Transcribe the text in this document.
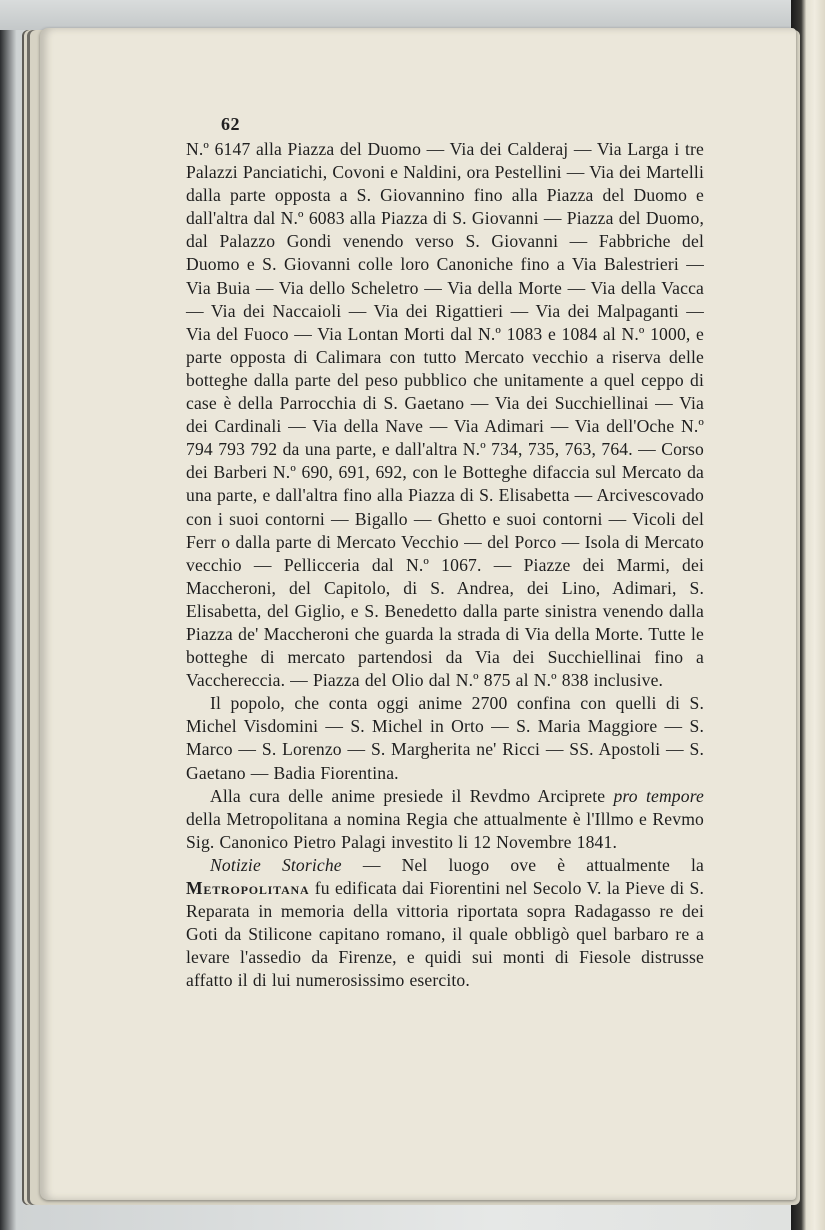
62

N.º 6147 alla Piazza del Duomo — Via dei Calderaj — Via Larga i tre Palazzi Panciatichi, Covoni e Naldini, ora Pestellini — Via dei Martelli dalla parte opposta a S. Giovannino fino alla Piazza del Duomo e dall'altra dal N.º 6083 alla Piazza di S. Giovanni — Piazza del Duomo, dal Palazzo Gondi venendo verso S. Giovanni — Fabbriche del Duomo e S. Giovanni colle loro Canoniche fino a Via Balestrieri — Via Buia — Via dello Scheletro — Via della Morte — Via della Vacca — Via dei Naccaioli — Via dei Rigattieri — Via dei Malpaganti — Via del Fuoco — Via Lontan Morti dal N.º 1083 e 1084 al N.º 1000, e parte opposta di Calimara con tutto Mercato vecchio a riserva delle botteghe dalla parte del peso pubblico che unitamente a quel ceppo di case è della Parrocchia di S. Gaetano — Via dei Succhiellinai — Via dei Cardinali — Via della Nave — Via Adimari — Via dell'Oche N.º 794 793 792 da una parte, e dall'altra N.º 734, 735, 763, 764. — Corso dei Barberi N.º 690, 691, 692, con le Botteghe difaccia sul Mercato da una parte, e dall'altra fino alla Piazza di S. Elisabetta — Arcivescovado con i suoi contorni — Bigallo — Ghetto e suoi contorni — Vicoli del Ferr o dalla parte di Mercato Vecchio — del Porco — Isola di Mercato vecchio — Pellicceria dal N.º 1067. — Piazze dei Marmi, dei Maccheroni, del Capitolo, di S. Andrea, dei Lino, Adimari, S. Elisabetta, del Giglio, e S. Benedetto dalla parte sinistra venendo dalla Piazza de' Maccheroni che guarda la strada di Via della Morte. Tutte le botteghe di mercato partendosi da Via dei Succhiellinai fino a Vacchereccia. — Piazza del Olio dal N.º 875 al N.º 838 inclusive.

Il popolo, che conta oggi anime 2700 confina con quelli di S. Michel Visdomini — S. Michel in Orto — S. Maria Maggiore — S. Marco — S. Lorenzo — S. Margherita ne' Ricci — SS. Apostoli — S. Gaetano — Badia Fiorentina.

Alla cura delle anime presiede il Revdmo Arciprete pro tempore della Metropolitana a nomina Regia che attualmente è l'Illmo e Revmo Sig. Canonico Pietro Palagi investito li 12 Novembre 1841.

Notizie Storiche — Nel luogo ove è attualmente la Metropolitana fu edificata dai Fiorentini nel Secolo V. la Pieve di S. Reparata in memoria della vittoria riportata sopra Radagasso re dei Goti da Stilicone capitano romano, il quale obbligò quel barbaro re a levare l'assedio da Firenze, e quidi sui monti di Fiesole distrusse affatto il di lui numerosissimo esercito.
